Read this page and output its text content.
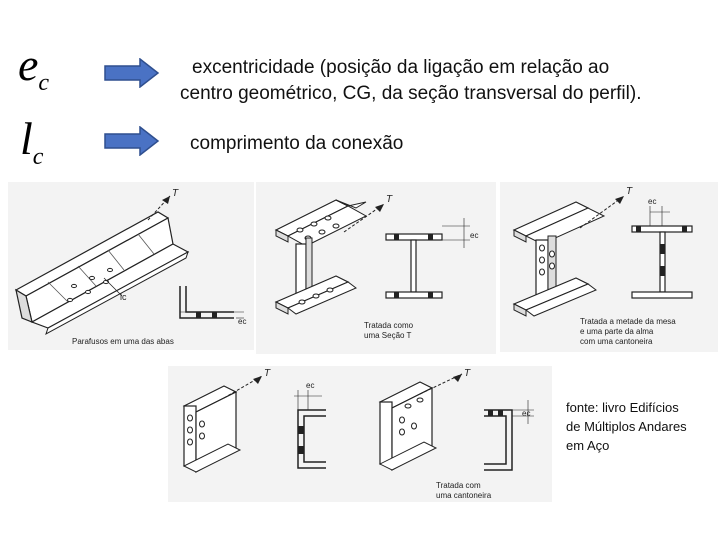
ec
lc
excentricidade (posição da ligação em relação ao
centro geométrico, CG, da seção transversal do perfil).
comprimento da conexão
lc
T
ec
Parafusos em uma das abas
T
ec
Tratada como
uma Seção T
T
ec
Tratada a metade da mesa
e uma parte da alma
com uma cantoneira
T
ec
T
ec
Tratada com
uma cantoneira
fonte: livro Edifícios
de Múltiplos Andares
em Aço
